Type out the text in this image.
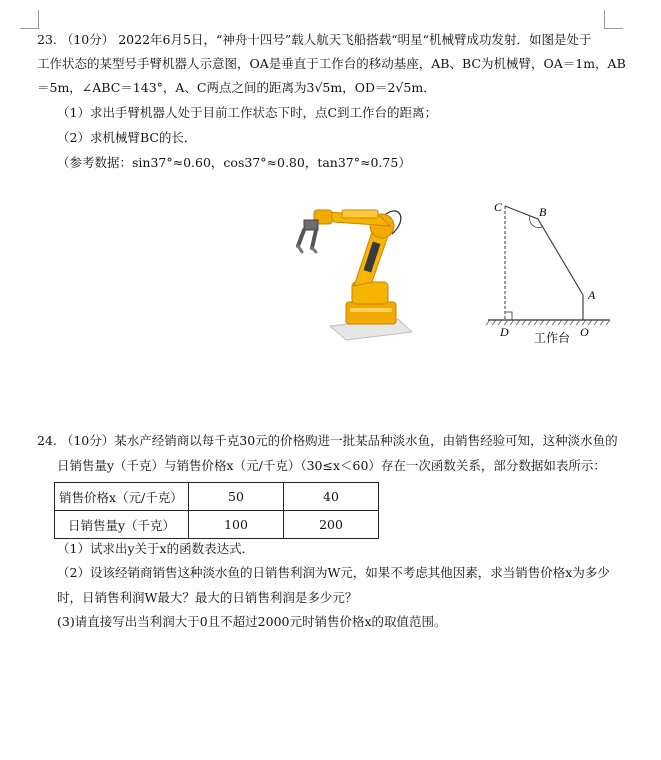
23. （10分） 2022年6月5日，“神舟十四号”载人航天飞船搭载“明星“机械臂成功发射．如图是处于
工作状态的某型号手臂机器人示意图，OA是垂直于工作台的移动基座，AB、BC为机械臂，OA＝1m，AB
＝5m，∠ABC＝143°，A、C两点之间的距离为3√5m，OD＝2√5m．
（1）求出手臂机器人处于目前工作状态下时，点C到工作台的距离；
（2）求机械臂BC的长．
（参考数据：sin37°≈0.60，cos37°≈0.80，tan37°≈0.75）
C	B
A
D	O
工作台
24. （10分）某水产经销商以每千克30元的价格购进一批某品种淡水鱼，由销售经验可知，这种淡水鱼的
日销售量y（千克）与销售价格x（元/千克）（30≤x＜60）存在一次函数关系，部分数据如表所示：
销售价格x（元/千克）	50	40
日销售量y（千克）	100	200
（1）试求出y关于x的函数表达式．
（2）设该经销商销售这种淡水鱼的日销售利润为W元，如果不考虑其他因素，求当销售价格x为多少
时，日销售利润W最大？最大的日销售利润是多少元？
(3)请直接写出当利润大于0且不超过2000元时销售价格x的取值范围。
